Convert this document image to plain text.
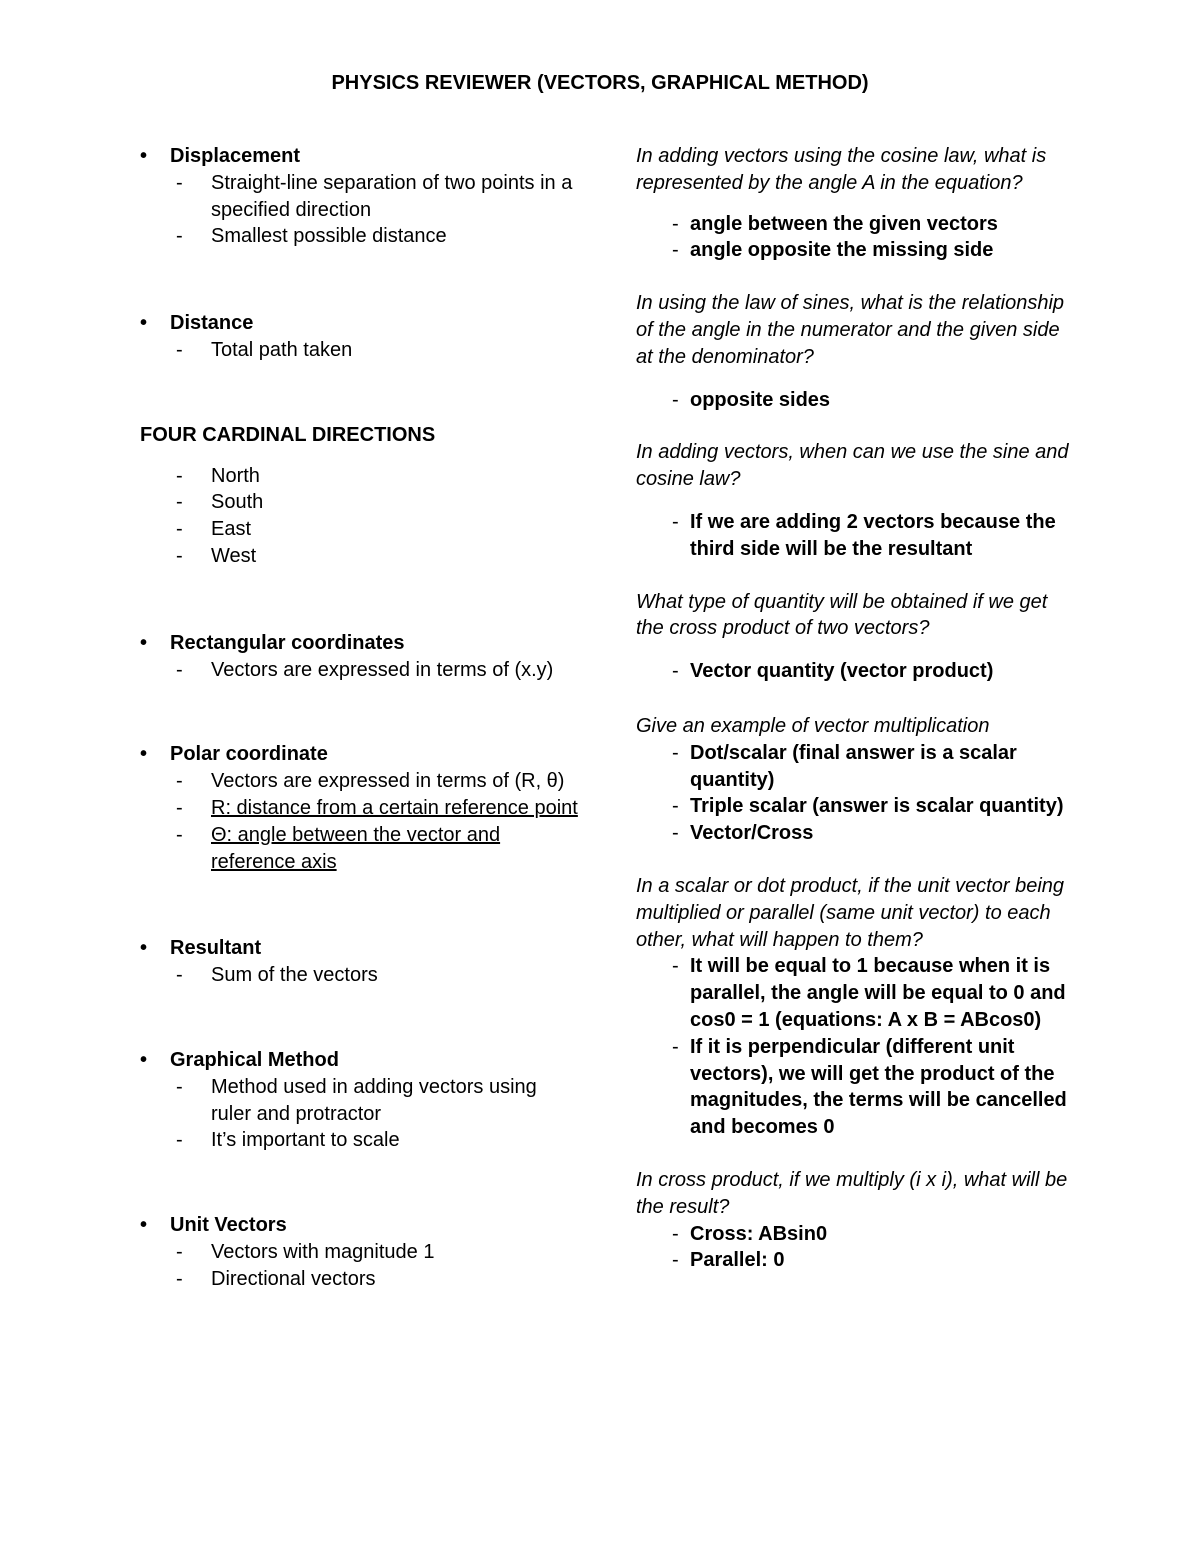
PHYSICS REVIEWER (VECTORS, GRAPHICAL METHOD)
• Displacement
- Straight-line separation of two points in a specified direction
- Smallest possible distance
• Distance
- Total path taken
FOUR CARDINAL DIRECTIONS
- North
- South
- East
- West
• Rectangular coordinates
- Vectors are expressed in terms of (x.y)
• Polar coordinate
- Vectors are expressed in terms of (R, θ)
- R: distance from a certain reference point
- Θ: angle between the vector and reference axis
• Resultant
- Sum of the vectors
• Graphical Method
- Method used in adding vectors using ruler and protractor
- It’s important to scale
• Unit Vectors
- Vectors with magnitude 1
- Directional vectors
In adding vectors using the cosine law, what is represented by the angle A in the equation?
- angle between the given vectors
- angle opposite the missing side
In using the law of sines, what is the relationship of the angle in the numerator and the given side at the denominator?
- opposite sides
In adding vectors, when can we use the sine and cosine law?
- If we are adding 2 vectors because the third side will be the resultant
What type of quantity will be obtained if we get the cross product of two vectors?
- Vector quantity (vector product)
Give an example of vector multiplication
- Dot/scalar (final answer is a scalar quantity)
- Triple scalar (answer is scalar quantity)
- Vector/Cross
In a scalar or dot product, if the unit vector being multiplied or parallel (same unit vector) to each other, what will happen to them?
- It will be equal to 1 because when it is parallel, the angle will be equal to 0 and cos0 = 1 (equations: A x B = ABcos0)
- If it is perpendicular (different unit vectors), we will get the product of the magnitudes, the terms will be cancelled and becomes 0
In cross product, if we multiply (i x i), what will be the result?
- Cross: ABsin0
- Parallel: 0
